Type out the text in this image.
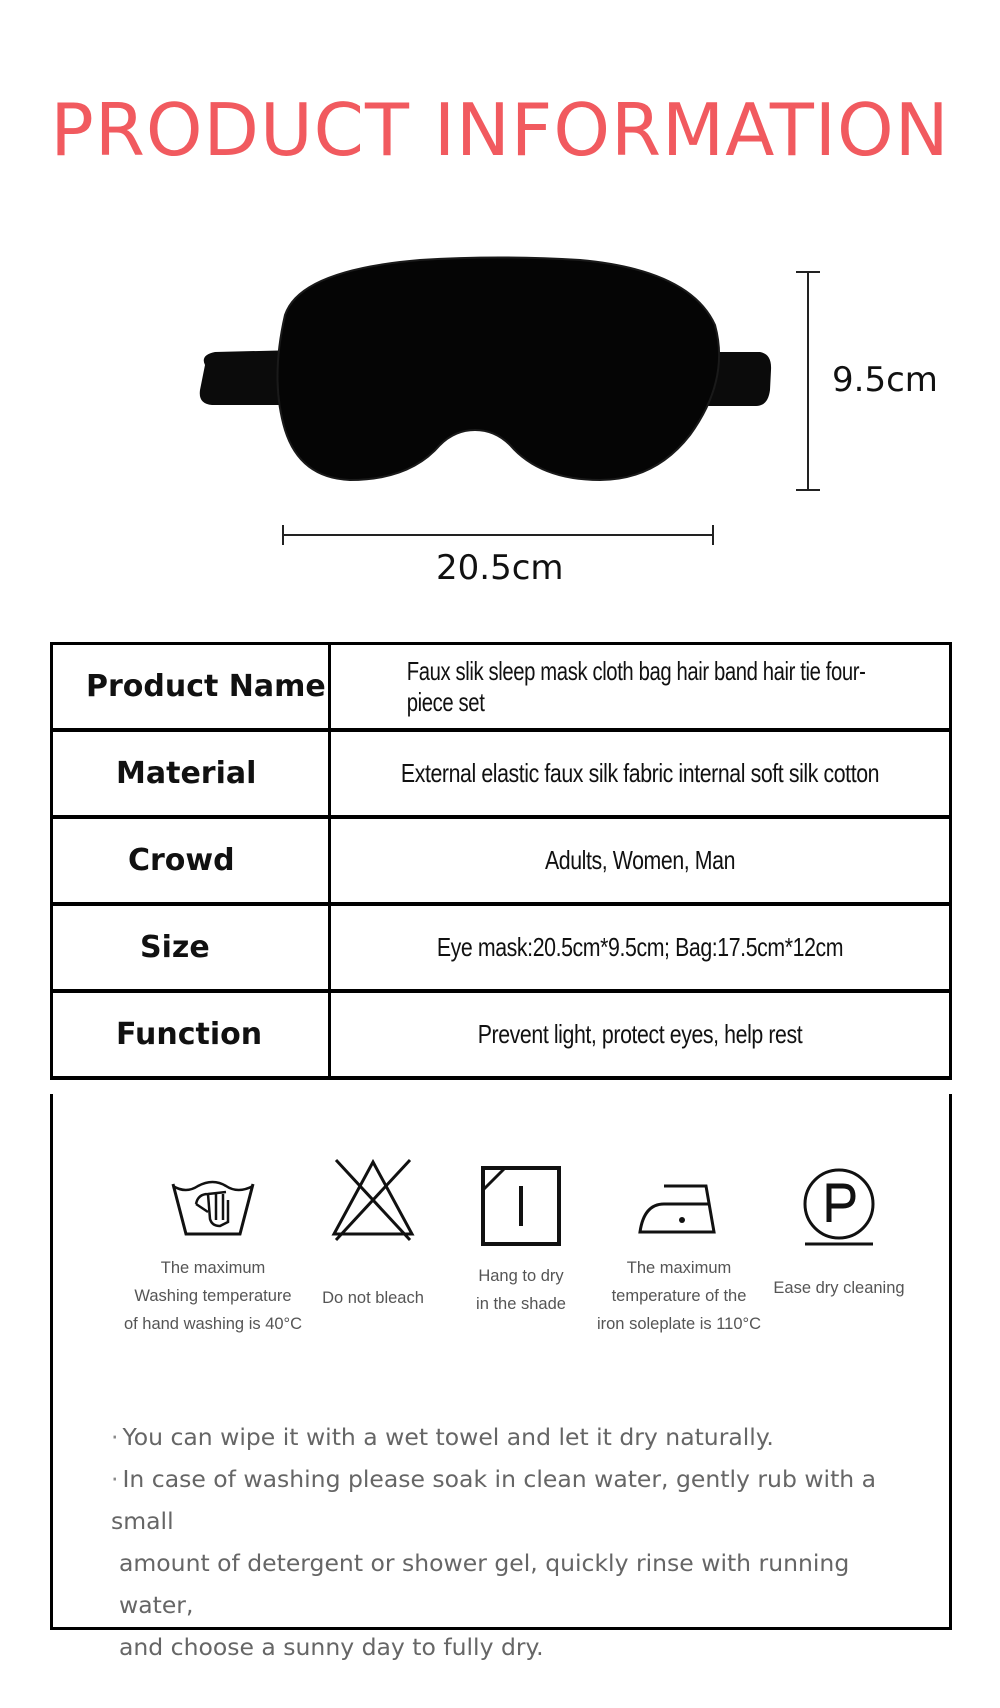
PRODUCT INFORMATION
9.5cm
20.5cm
Product Name	Faux slik sleep mask cloth bag hair band hair tie four-piece set
Material	External elastic faux silk fabric internal soft silk cotton
Crowd	Adults, Women, Man
Size	Eye mask:20.5cm*9.5cm; Bag:17.5cm*12cm
Function	Prevent light, protect eyes, help rest
The maximum
Washing temperature
of hand washing is 40°C
Do not bleach
Hang to dry
in the shade
The maximum
temperature of the
iron soleplate is 110°C
Ease dry cleaning
· You can wipe it with a wet towel and let it dry naturally.
· In case of washing please soak in clean water, gently rub with a small
amount of detergent or shower gel, quickly rinse with running water,
and choose a sunny day to fully dry.
